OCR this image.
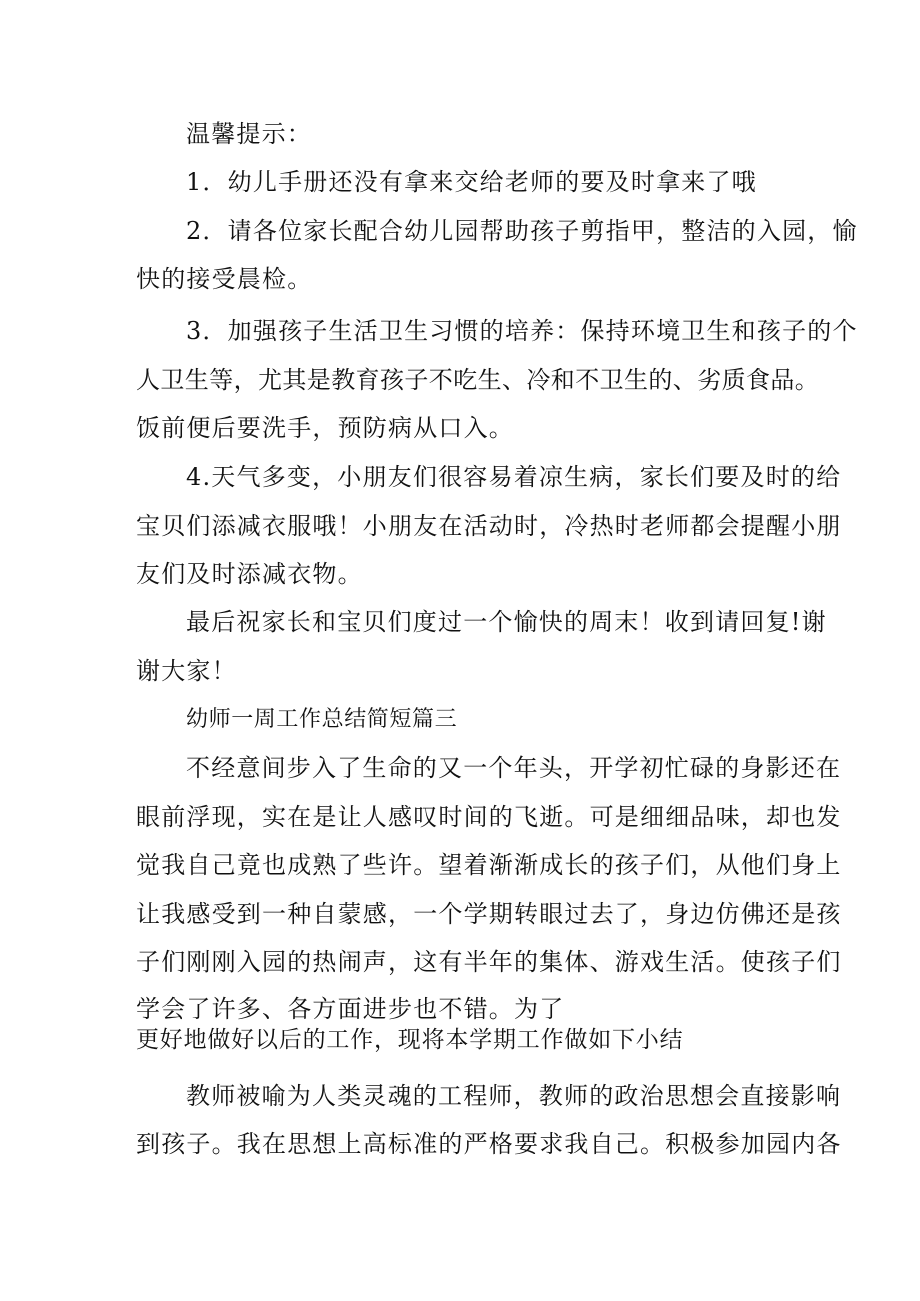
温馨提示：
1．幼儿手册还没有拿来交给老师的要及时拿来了哦
2．请各位家长配合幼儿园帮助孩子剪指甲，整洁的入园，愉
快的接受晨检。
3．加强孩子生活卫生习惯的培养：保持环境卫生和孩子的个
人卫生等，尤其是教育孩子不吃生、冷和不卫生的、劣质食品。
饭前便后要洗手，预防病从口入。
4.天气多变，小朋友们很容易着凉生病，家长们要及时的给
宝贝们添减衣服哦！小朋友在活动时，冷热时老师都会提醒小朋
友们及时添减衣物。
最后祝家长和宝贝们度过一个愉快的周末！收到请回复!谢
谢大家！
幼师一周工作总结简短篇三
不经意间步入了生命的又一个年头，开学初忙碌的身影还在
眼前浮现，实在是让人感叹时间的飞逝。可是细细品味，却也发
觉我自己竟也成熟了些许。望着渐渐成长的孩子们，从他们身上
让我感受到一种自蒙感，一个学期转眼过去了，身边仿佛还是孩
子们刚刚入园的热闹声，这有半年的集体、游戏生活。使孩子们
学会了许多、各方面进步也不错。为了
更好地做好以后的工作，现将本学期工作做如下小结
教师被喻为人类灵魂的工程师，教师的政治思想会直接影响
到孩子。我在思想上高标准的严格要求我自己。积极参加园内各
